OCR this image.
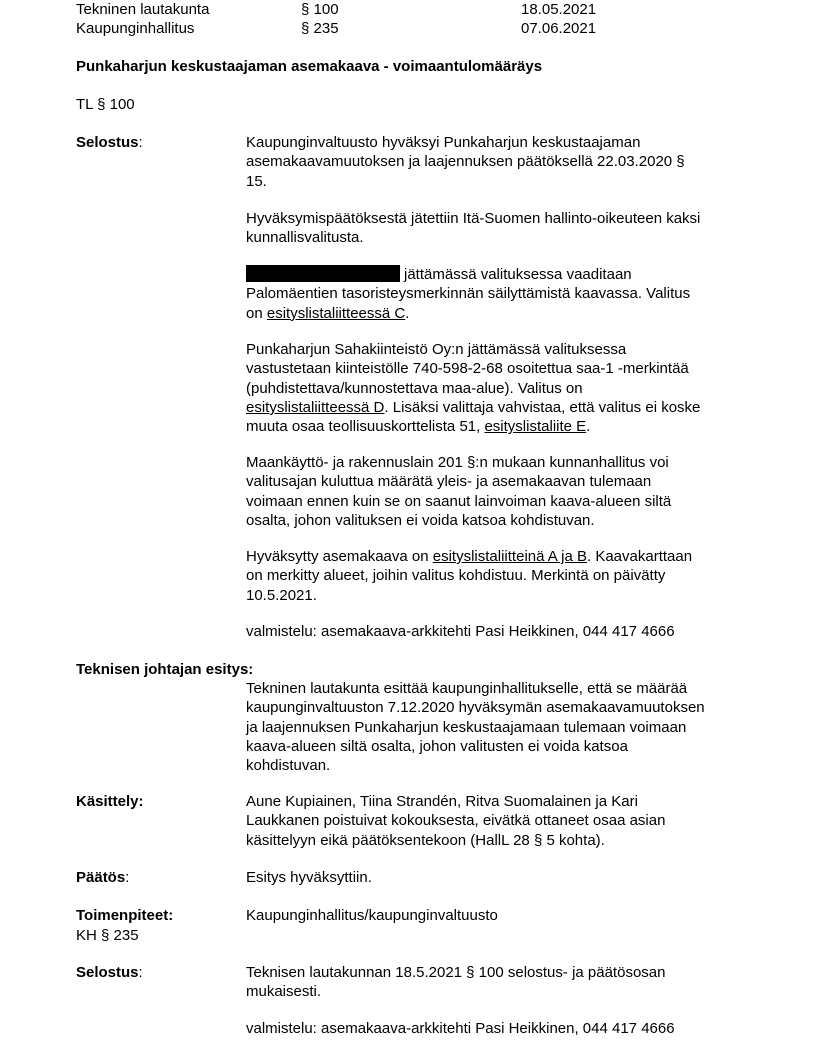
Tekninen lautakunta	§ 100	18.05.2021
Kaupunginhallitus	§ 235	07.06.2021
Punkaharjun keskustaajaman asemakaava - voimaantulomääräys
TL § 100
Selostus:	Kaupunginvaltuusto hyväksyi Punkaharjun keskustaajaman
asemakaavamuutoksen ja laajennuksen päätöksellä 22.03.2020 §
15.
Hyväksymispäätöksestä jätettiin Itä-Suomen hallinto-oikeuteen kaksi
kunnallisvalitusta.
jättämässä valituksessa vaaditaan
Palomäentien tasoristeysmerkinnän säilyttämistä kaavassa. Valitus
on esityslistaliitteessä C.
Punkaharjun Sahakiinteistö Oy:n jättämässä valituksessa
vastustetaan kiinteistölle 740-598-2-68 osoitettua saa-1 -merkintää
(puhdistettava/kunnostettava maa-alue). Valitus on
esityslistaliitteessä D. Lisäksi valittaja vahvistaa, että valitus ei koske
muuta osaa teollisuuskorttelista 51, esityslistaliite E.
Maankäyttö- ja rakennuslain 201 §:n mukaan kunnanhallitus voi
valitusajan kuluttua määrätä yleis- ja asemakaavan tulemaan
voimaan ennen kuin se on saanut lainvoiman kaava-alueen siltä
osalta, johon valituksen ei voida katsoa kohdistuvan.
Hyväksytty asemakaava on esityslistaliitteinä A ja B. Kaavakarttaan
on merkitty alueet, joihin valitus kohdistuu. Merkintä on päivätty
10.5.2021.
valmistelu: asemakaava-arkkitehti Pasi Heikkinen, 044 417 4666
Teknisen johtajan esitys:
Tekninen lautakunta esittää kaupunginhallitukselle, että se määrää
kaupunginvaltuuston 7.12.2020 hyväksymän asemakaavamuutoksen
ja laajennuksen Punkaharjun keskustaajamaan tulemaan voimaan
kaava-alueen siltä osalta, johon valitusten ei voida katsoa
kohdistuvan.
Käsittely:	Aune Kupiainen, Tiina Strandén, Ritva Suomalainen ja Kari
Laukkanen poistuivat kokouksesta, eivätkä ottaneet osaa asian
käsittelyyn eikä päätöksentekoon (HallL 28 § 5 kohta).
Päätös:	Esitys hyväksyttiin.
Toimenpiteet:	Kaupunginhallitus/kaupunginvaltuusto
KH § 235
Selostus:	Teknisen lautakunnan 18.5.2021 § 100 selostus- ja päätösosan
mukaisesti.
valmistelu: asemakaava-arkkitehti Pasi Heikkinen, 044 417 4666
